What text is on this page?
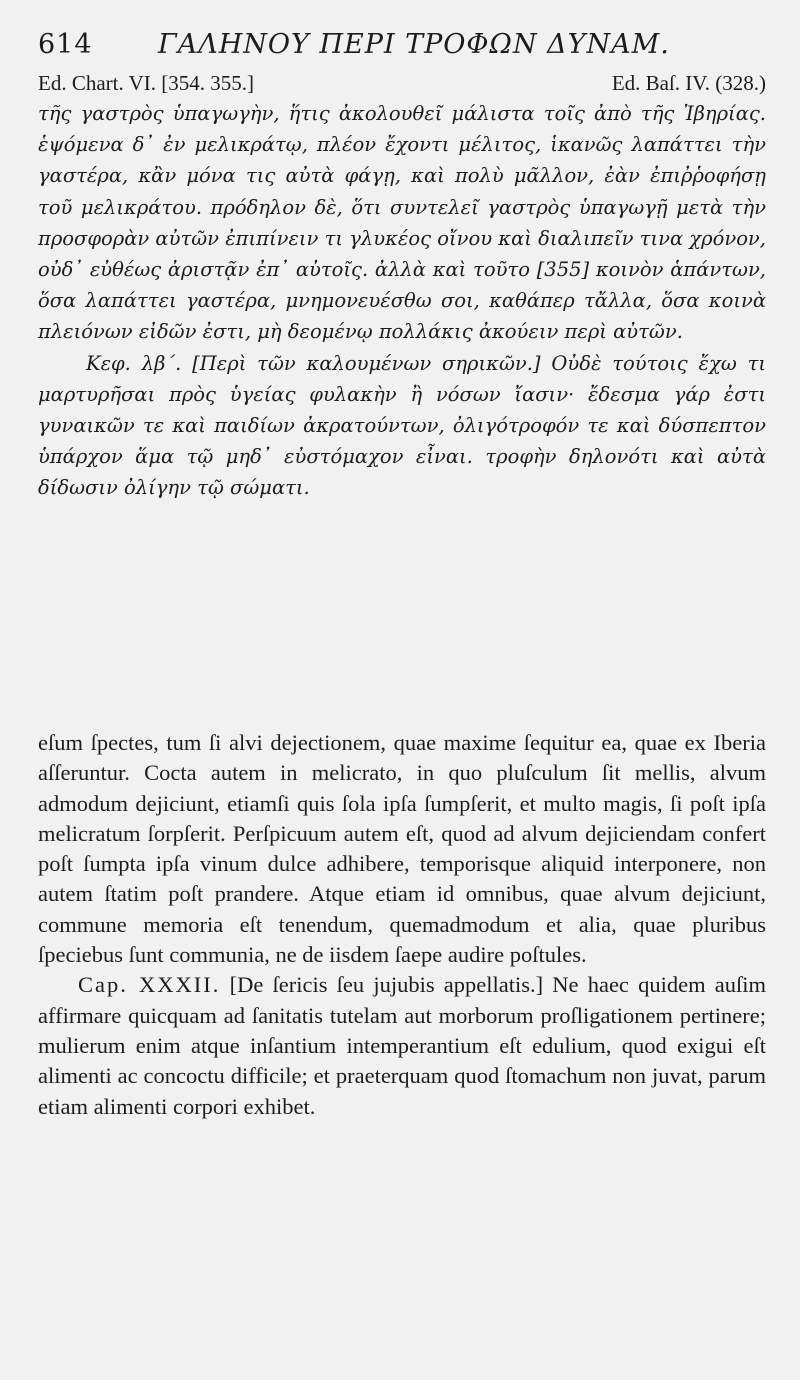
614	ΓΑΛΗΝΟΥ ΠΕΡΙ ΤΡΟΦΩΝ ΔΥΝΑΜ.
Ed. Chart. VI. [354. 355.]	Ed. Baſ. IV. (328.)

τῆς γαστρὸς ὑπαγωγὴν, ἥτις ἀκολουθεῖ μάλιστα τοῖς ἀπὸ τῆς Ἰβηρίας. ἑψόμενα δ᾽ ἐν μελικράτῳ, πλέον ἔχοντι μέλιτος, ἱκανῶς λαπάττει τὴν γαστέρα, κἂν μόνα τις αὐτὰ φάγῃ, καὶ πολὺ μᾶλλον, ἐὰν ἐπιῤῥοφήσῃ τοῦ μελικράτου. πρόδηλον δὲ, ὅτι συντελεῖ γαστρὸς ὑπαγωγῇ μετὰ τὴν προσφορὰν αὐτῶν ἐπιπίνειν τι γλυκέος οἴνου καὶ διαλιπεῖν τινα χρόνον, οὐδ᾽ εὐθέως ἀριστᾷν ἐπ᾽ αὐτοῖς. ἀλλὰ καὶ τοῦτο [355] κοινὸν ἁπάντων, ὅσα λαπάττει γαστέρα, μνημονευέσθω σοι, καθάπερ τἄλλα, ὅσα κοινὰ πλειόνων εἰδῶν ἐστι, μὴ δεομένῳ πολλάκις ἀκούειν περὶ αὐτῶν.

Κεφ. λβ΄. [Περὶ τῶν καλουμένων σηρικῶν.] Οὐδὲ τούτοις ἔχω τι μαρτυρῆσαι πρὸς ὑγείας φυλακὴν ἢ νόσων ἴασιν· ἔδεσμα γάρ ἐστι γυναικῶν τε καὶ παιδίων ἀκρατούντων, ὀλιγότροφόν τε καὶ δύσπεπτον ὑπάρχον ἅμα τῷ μηδ᾽ εὐστόμαχον εἶναι. τροφὴν δηλονότι καὶ αὐτὰ δίδωσιν ὀλίγην τῷ σώματι.

eſum ſpectes, tum ſi alvi dejectionem, quae maxime ſequitur ea, quae ex Iberia aſſeruntur. Cocta autem in melicrato, in quo pluſculum ſit mellis, alvum admodum dejiciunt, etiamſi quis ſola ipſa ſumpſerit, et multo magis, ſi poſt ipſa melicratum ſorpſerit. Perſpicuum autem eſt, quod ad alvum dejiciendam confert poſt ſumpta ipſa vinum dulce adhibere, temporisque aliquid interponere, non autem ſtatim poſt prandere. Atque etiam id omnibus, quae alvum dejiciunt, commune memoria eſt tenendum, quemadmodum et alia, quae pluribus ſpeciebus ſunt communia, ne de iisdem ſaepe audire poſtules.

Cap. XXXII. [De ſericis ſeu jujubis appellatis.] Ne haec quidem auſim affirmare quicquam ad ſanitatis tutelam aut morborum proſligationem pertinere; mulierum enim atque inſantium intemperantium eſt edulium, quod exigui eſt alimenti ac concoctu difficile; et praeterquam quod ſtomachum non juvat, parum etiam alimenti corpori exhibet.
